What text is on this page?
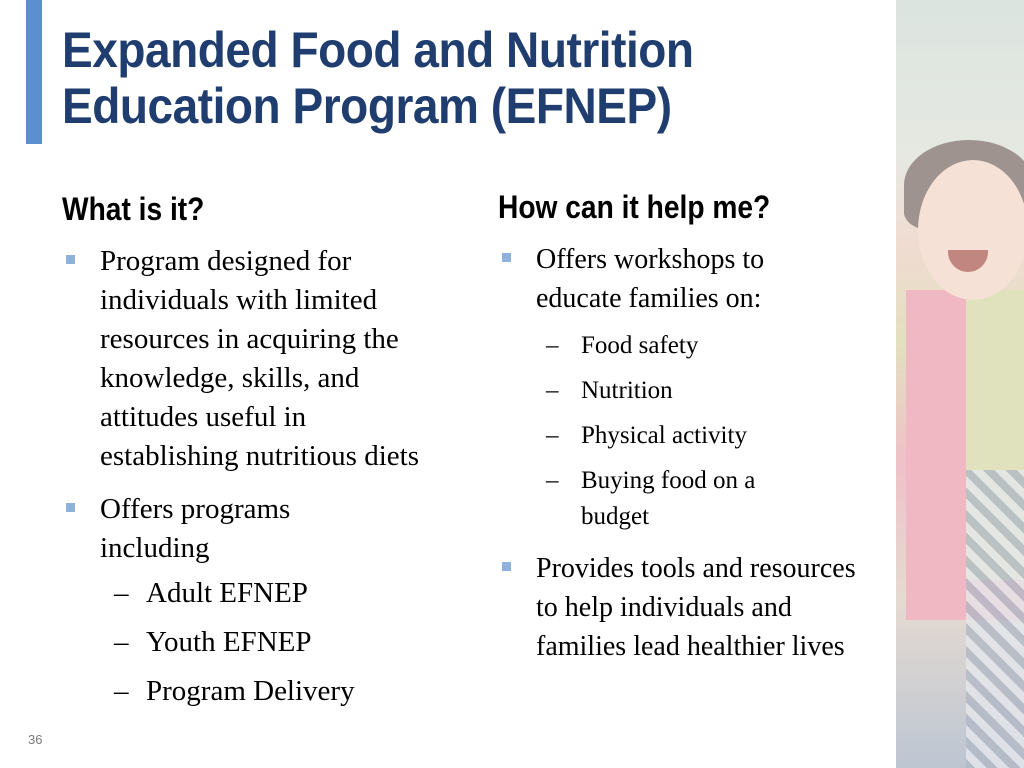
Expanded Food and Nutrition
Education Program (EFNEP)
What is it?
Program designed for individuals with limited resources in acquiring the knowledge, skills, and attitudes useful in establishing nutritious diets
Offers programs including
– Adult EFNEP
– Youth EFNEP
– Program Delivery
How can it help me?
Offers workshops to educate families on:
– Food safety
– Nutrition
– Physical activity
– Buying food on a budget
Provides tools and resources to help individuals and families lead healthier lives
36
